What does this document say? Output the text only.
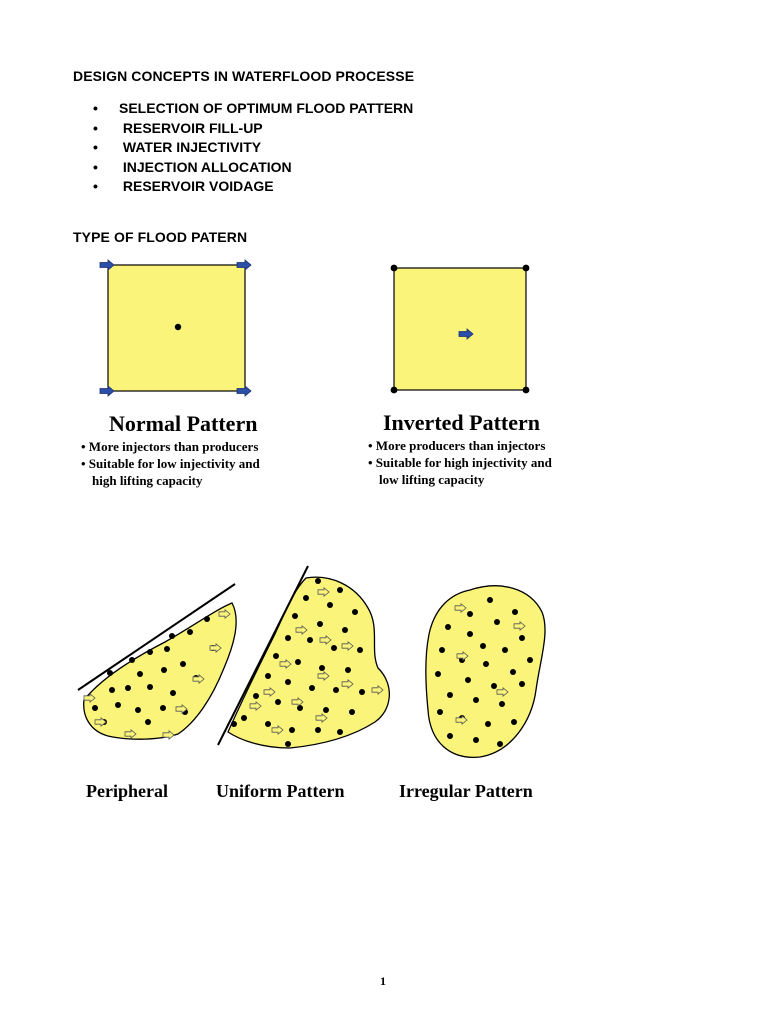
DESIGN CONCEPTS IN WATERFLOOD PROCESSE
• SELECTION OF OPTIMUM FLOOD PATTERN
• RESERVOIR FILL-UP
• WATER INJECTIVITY
• INJECTION ALLOCATION
• RESERVOIR VOIDAGE
TYPE OF FLOOD PATERN
Normal Pattern
• More injectors than producers
• Suitable for low injectivity and
high lifting capacity
Inverted Pattern
• More producers than injectors
• Suitable for high injectivity and
low lifting capacity
Peripheral	Uniform Pattern	Irregular Pattern
1
